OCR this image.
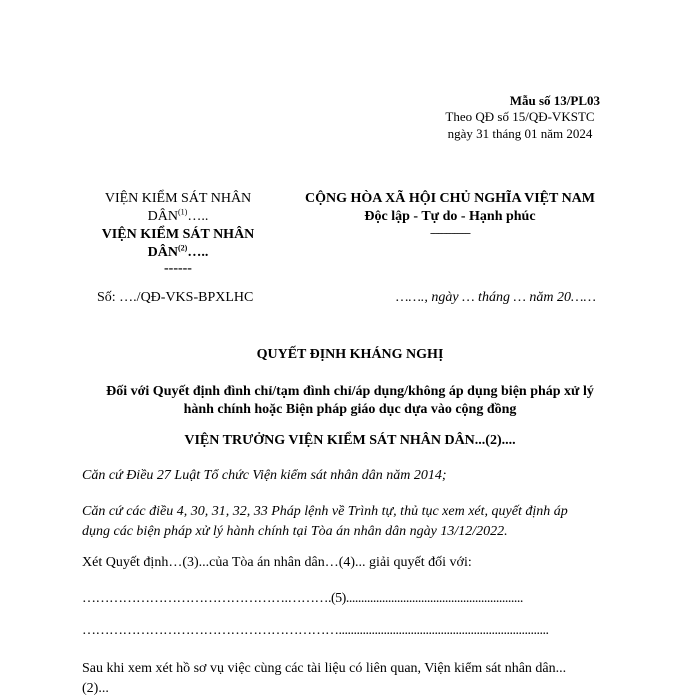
Mẫu số 13/PL03
Theo QĐ số 15/QĐ-VKSTC
ngày 31 tháng 01 năm 2024
VIỆN KIỂM SÁT NHÂN
DÂN$^{(1)}$…..
VIỆN KIỂM SÁT NHÂN
DÂN$^{(2)}$…..
------
Số: …./QĐ-VKS-BPXLHC
CỘNG HÒA XÃ HỘI CHỦ NGHĨA VIỆT NAM
Độc lập - Tự do - Hạnh phúc
---------------
……., ngày … tháng … năm 20……
QUYẾT ĐỊNH KHÁNG NGHỊ
Đối với Quyết định đình chỉ/tạm đình chỉ/áp dụng/không áp dụng biện pháp xử lý
hành chính hoặc Biện pháp giáo dục dựa vào cộng đồng
VIỆN TRƯỞNG VIỆN KIỂM SÁT NHÂN DÂN...(2)....
Căn cứ Điều 27 Luật Tổ chức Viện kiểm sát nhân dân năm 2014;
Căn cứ các điều 4, 30, 31, 32, 33 Pháp lệnh về Trình tự, thủ tục xem xét, quyết định áp
dụng các biện pháp xử lý hành chính tại Tòa án nhân dân ngày 13/12/2022.
Xét Quyết định…(3)...của Tòa án nhân dân…(4)... giải quyết đối với:
……………………………………….……….(5)...........................................................
…………………………………………………......................................................................
Sau khi xem xét hồ sơ vụ việc cùng các tài liệu có liên quan, Viện kiểm sát nhân dân...
(2)...
